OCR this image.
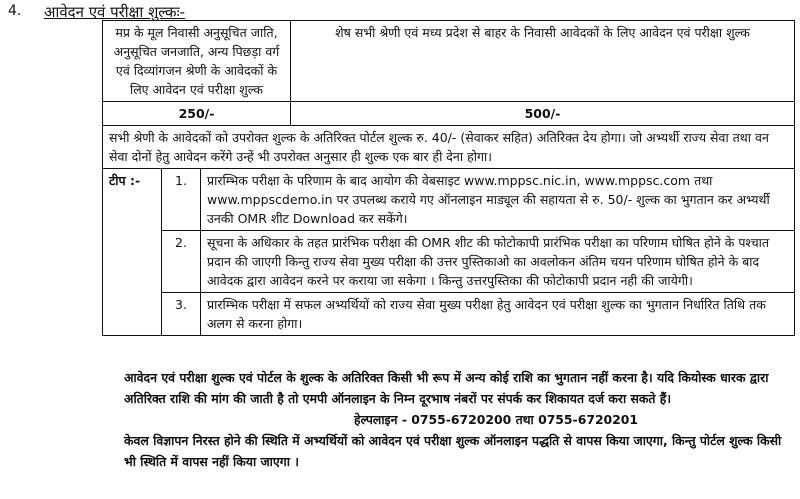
4. आवेदन एवं परीक्षा शुल्कः-
मप्र के मूल निवासी अनुसूचित जाति, अनुसूचित जनजाति, अन्य पिछड़ा वर्ग एवं दिव्यांगजन श्रेणी के आवेदकों के लिए आवेदन एवं परीक्षा शुल्क			शेष सभी श्रेणी एवं मध्य प्रदेश से बाहर के निवासी आवेदकों के लिए आवेदन एवं परीक्षा शुल्क
250/-			500/-
सभी श्रेणी के आवेदकों को उपरोक्त शुल्क के अतिरिक्त पोर्टल शुल्क रु. 40/- (सेवाकर सहित) अतिरिक्त देय होगा। जो अभ्यर्थी राज्य सेवा तथा वन सेवा दोनों हेतु आवेदन करेंगे उन्हें भी उपरोक्त अनुसार ही शुल्क एक बार ही देना होगा।			
टीप :-	1.	प्रारम्भिक परीक्षा के परिणाम के बाद आयोग की वेबसाइट www.mppsc.nic.in, www.mppsc.com तथा www.mppscdemo.in पर उपलब्ध कराये गए ऑनलाइन माड्यूल की सहायता से रु. 50/- शुल्क का भुगतान कर अभ्यर्थी उनकी OMR शीट Download कर सकेंगे।	
	2.	सूचना के अधिकार के तहत प्रारंभिक परीक्षा की OMR शीट की फोटोकापी प्रारंभिक परीक्षा का परिणाम घोषित होने के पश्चात प्रदान की जाएगी किन्तु राज्य सेवा मुख्य परीक्षा की उत्तर पुस्तिकाओ का अवलोकन अंतिम चयन परिणाम घोषित होने के बाद आवेदक द्वारा आवेदन करने पर कराया जा सकेगा । किन्तु उत्तरपुस्तिका की फोटोकापी प्रदान नही की जायेगी।	
	3.	प्रारम्भिक परीक्षा में सफल अभ्यर्थियों को राज्य सेवा मुख्य परीक्षा हेतु आवेदन एवं परीक्षा शुल्क का भुगतान निर्धारित तिथि तक अलग से करना होगा।	

आवेदन एवं परीक्षा शुल्क एवं पोर्टल के शुल्क के अतिरिक्त किसी भी रूप में अन्य कोई राशि का भुगतान नहीं करना है। यदि कियोस्क धारक द्वारा अतिरिक्त राशि की मांग की जाती है तो एमपी ऑनलाइन के निम्न दूरभाष नंबरों पर संपर्क कर शिकायत दर्ज करा सकते हैं।

हेल्पलाइन - 0755-6720200 तथा 0755-6720201

केवल विज्ञापन निरस्त होने की स्थिति में अभ्यर्थियों को आवेदन एवं परीक्षा शुल्क ऑनलाइन पद्धति से वापस किया जाएगा, किन्तु पोर्टल शुल्क किसी भी स्थिति में वापस नहीं किया जाएगा ।
